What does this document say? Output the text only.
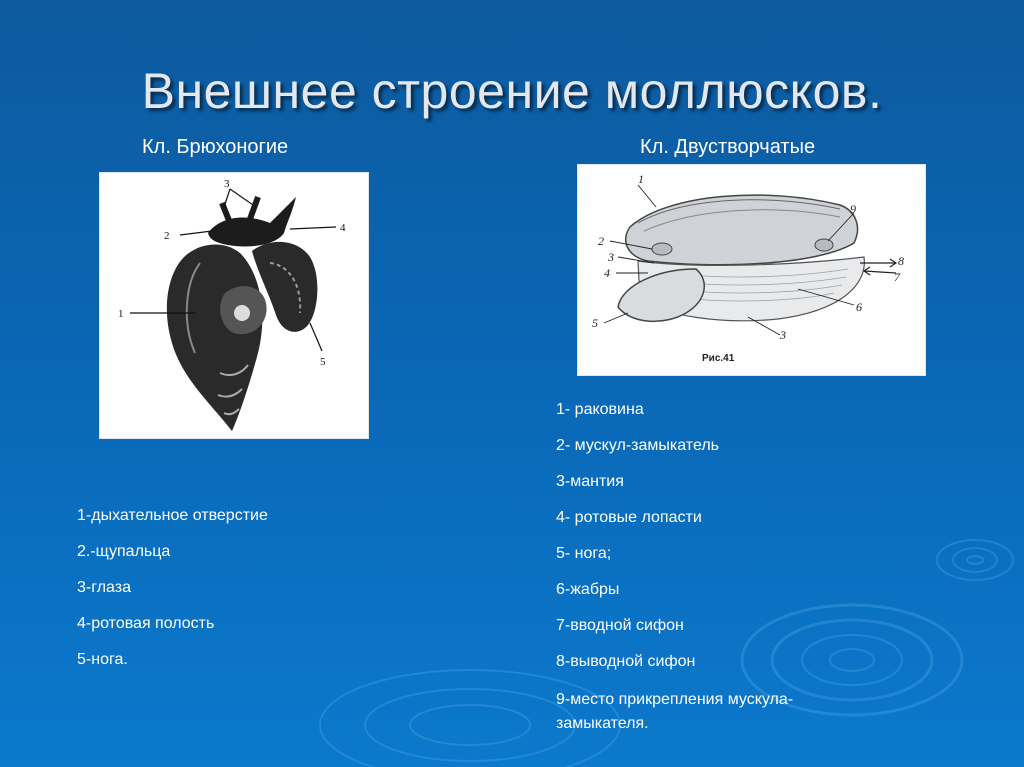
Внешнее строение моллюсков.
Кл. Брюхоногие	Кл. Двустворчатые
3
2
4
1
5
1
9
2
3
4
8
7
6
5
3
Рис.41
1-дыхательное отверстие
2.-щупальца
3-глаза
4-ротовая полость
5-нога.
1- раковина
2- мускул-замыкатель
3-мантия
4- ротовые лопасти
5- нога;
6-жабры
7-вводной сифон
8-выводной сифон
9-место прикрепления мускула-замыкателя.
